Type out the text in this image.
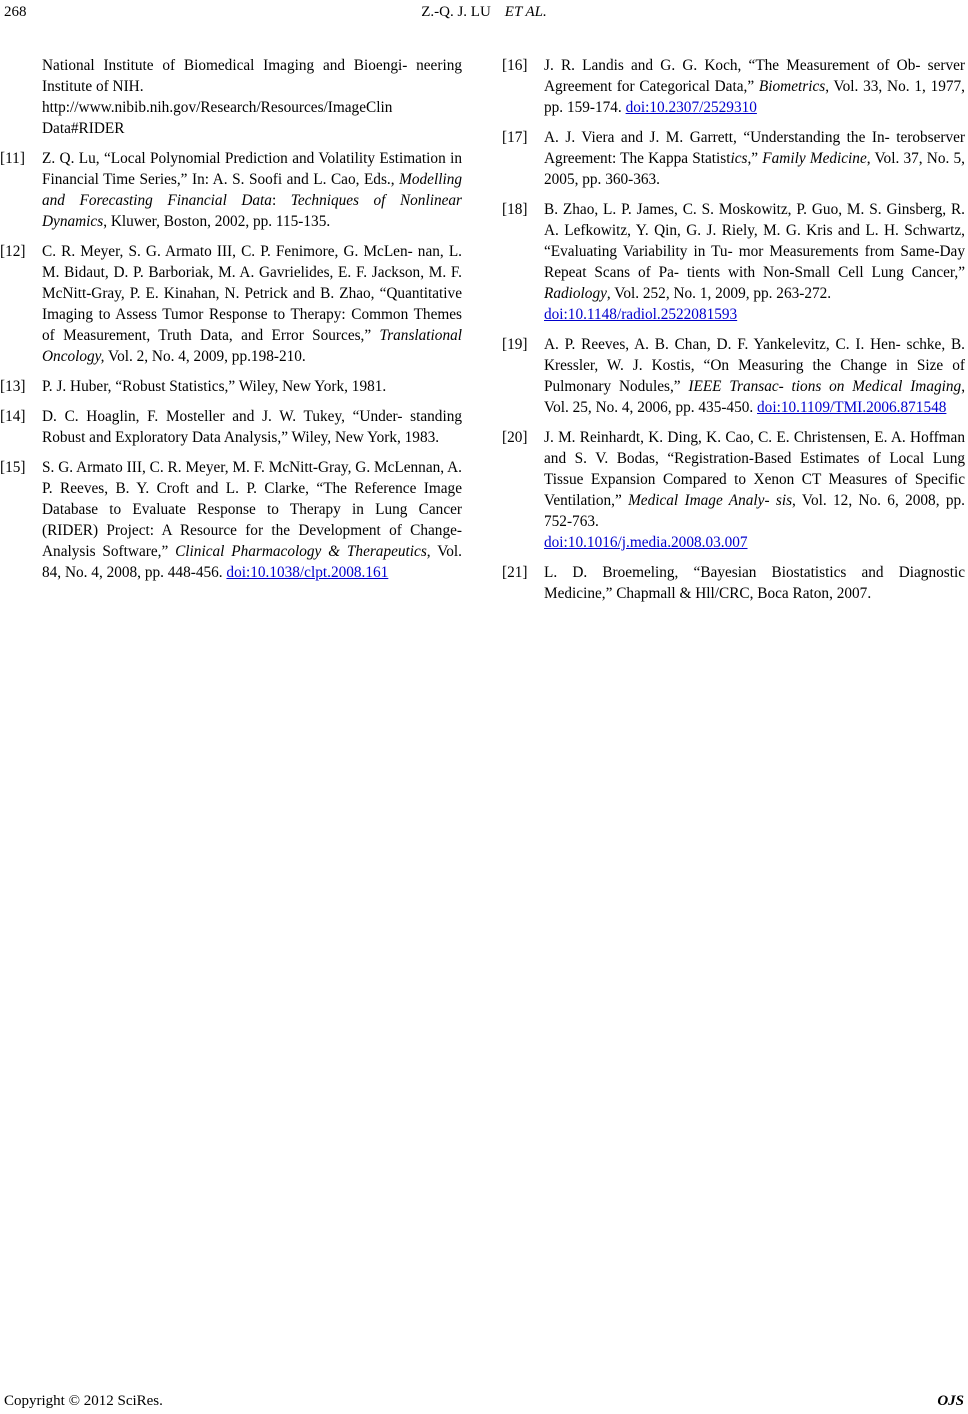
268	Z.-Q. J. LU ET AL.
National Institute of Biomedical Imaging and Bioengi- neering Institute of NIH.
http://www.nibib.nih.gov/Research/Resources/ImageClin Data#RIDER
[11]	Z. Q. Lu, “Local Polynomial Prediction and Volatility Estimation in Financial Time Series,” In: A. S. Soofi and L. Cao, Eds., Modelling and Forecasting Financial Data: Techniques of Nonlinear Dynamics, Kluwer, Boston, 2002, pp. 115-135.
[12]	C. R. Meyer, S. G. Armato III, C. P. Fenimore, G. McLen- nan, L. M. Bidaut, D. P. Barboriak, M. A. Gavrielides, E. F. Jackson, M. F. McNitt-Gray, P. E. Kinahan, N. Petrick and B. Zhao, “Quantitative Imaging to Assess Tumor Response to Therapy: Common Themes of Measurement, Truth Data, and Error Sources,” Translational Oncology, Vol. 2, No. 4, 2009, pp.198-210.
[13]	P. J. Huber, “Robust Statistics,” Wiley, New York, 1981.
[14]	D. C. Hoaglin, F. Mosteller and J. W. Tukey, “Under- standing Robust and Exploratory Data Analysis,” Wiley, New York, 1983.
[15]	S. G. Armato III, C. R. Meyer, M. F. McNitt-Gray, G. McLennan, A. P. Reeves, B. Y. Croft and L. P. Clarke, “The Reference Image Database to Evaluate Response to Therapy in Lung Cancer (RIDER) Project: A Resource for the Development of Change-Analysis Software,” Clinical Pharmacology & Therapeutics, Vol. 84, No. 4, 2008, pp. 448-456. doi:10.1038/clpt.2008.161
[16]	J. R. Landis and G. G. Koch, “The Measurement of Ob- server Agreement for Categorical Data,” Biometrics, Vol. 33, No. 1, 1977, pp. 159-174. doi:10.2307/2529310
[17]	A. J. Viera and J. M. Garrett, “Understanding the In- terobserver Agreement: The Kappa Statistics,” Family Medicine, Vol. 37, No. 5, 2005, pp. 360-363.
[18]	B. Zhao, L. P. James, C. S. Moskowitz, P. Guo, M. S. Ginsberg, R. A. Lefkowitz, Y. Qin, G. J. Riely, M. G. Kris and L. H. Schwartz, “Evaluating Variability in Tu- mor Measurements from Same-Day Repeat Scans of Pa- tients with Non-Small Cell Lung Cancer,” Radiology, Vol. 252, No. 1, 2009, pp. 263-272.
doi:10.1148/radiol.2522081593
[19]	A. P. Reeves, A. B. Chan, D. F. Yankelevitz, C. I. Hen- schke, B. Kressler, W. J. Kostis, “On Measuring the Change in Size of Pulmonary Nodules,” IEEE Transac- tions on Medical Imaging, Vol. 25, No. 4, 2006, pp. 435-450. doi:10.1109/TMI.2006.871548
[20]	J. M. Reinhardt, K. Ding, K. Cao, C. E. Christensen, E. A. Hoffman and S. V. Bodas, “Registration-Based Estimates of Local Lung Tissue Expansion Compared to Xenon CT Measures of Specific Ventilation,” Medical Image Analy- sis, Vol. 12, No. 6, 2008, pp. 752-763.
doi:10.1016/j.media.2008.03.007
[21]	L. D. Broemeling, “Bayesian Biostatistics and Diagnostic Medicine,” Chapmall & Hll/CRC, Boca Raton, 2007.
Copyright © 2012 SciRes.	OJS
